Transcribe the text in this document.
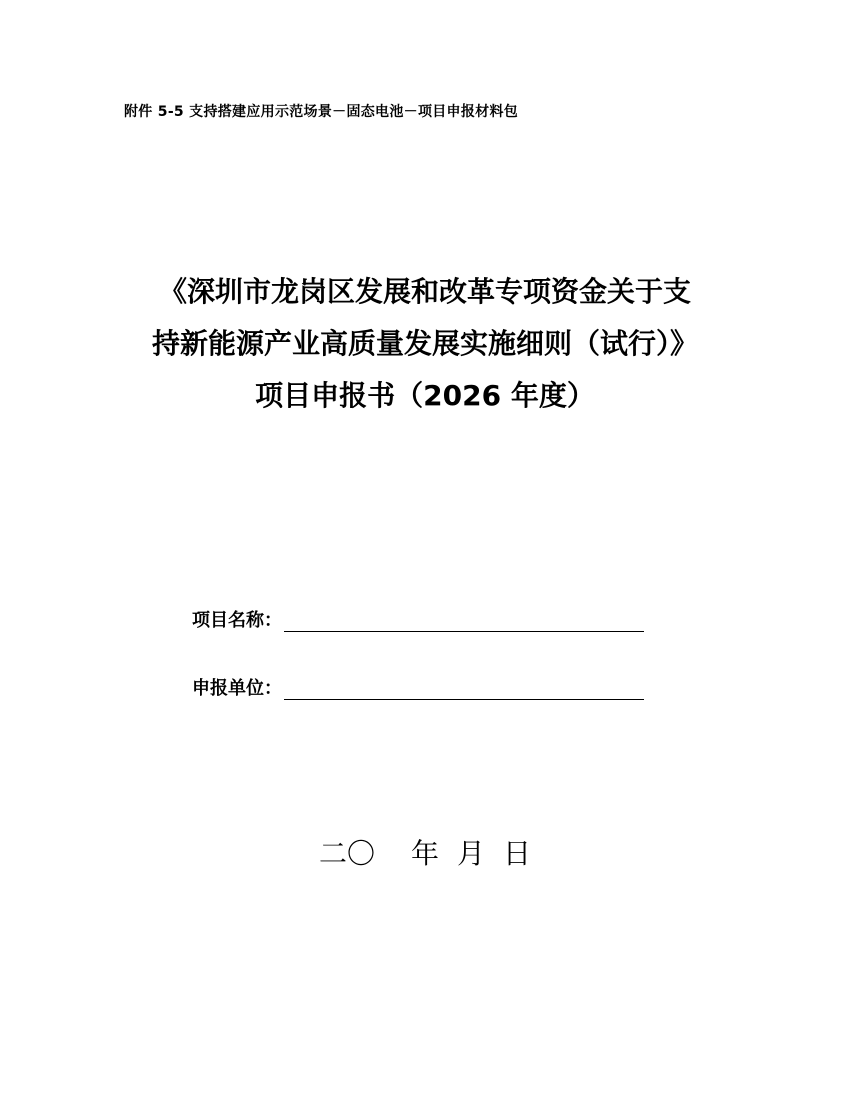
附件 5-5 支持搭建应用示范场景－固态电池－项目申报材料包
《深圳市龙岗区发展和改革专项资金关于支
持新能源产业高质量发展实施细则（试行）》
项目申报书（2026 年度）
项目名称：
申报单位：
二〇 年 月 日
